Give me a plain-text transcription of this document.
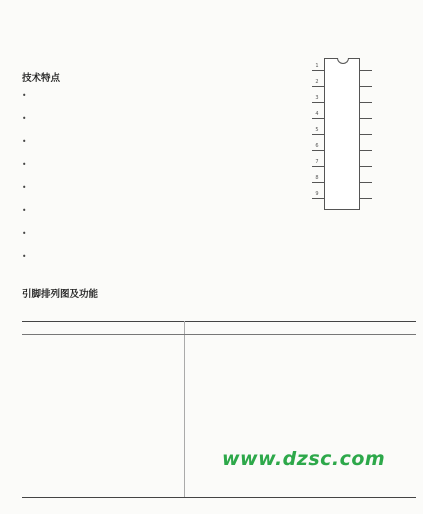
技术特点
•
•
•
•
•
•
•
•
1
2
3
4
5
6
7
8
9
引脚排列图及功能

www.dzsc.com
